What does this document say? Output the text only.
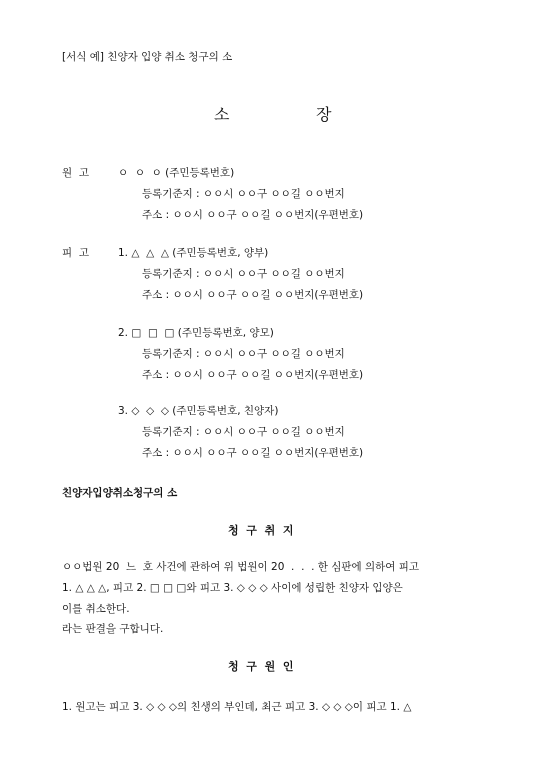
[서식 예] 친양자 입양 취소 청구의 소
소	장
원  고	ㅇ  ㅇ  ㅇ (주민등록번호)
등록기준지 : ㅇㅇ시 ㅇㅇ구 ㅇㅇ길 ㅇㅇ번지
주소 : ㅇㅇ시 ㅇㅇ구 ㅇㅇ길 ㅇㅇ번지(우편번호)
피  고	1. △  △  △ (주민등록번호, 양부)
등록기준지 : ㅇㅇ시 ㅇㅇ구 ㅇㅇ길 ㅇㅇ번지
주소 : ㅇㅇ시 ㅇㅇ구 ㅇㅇ길 ㅇㅇ번지(우편번호)
2. □  □  □ (주민등록번호, 양모)
등록기준지 : ㅇㅇ시 ㅇㅇ구 ㅇㅇ길 ㅇㅇ번지
주소 : ㅇㅇ시 ㅇㅇ구 ㅇㅇ길 ㅇㅇ번지(우편번호)
3. ◇  ◇  ◇ (주민등록번호, 친양자)
등록기준지 : ㅇㅇ시 ㅇㅇ구 ㅇㅇ길 ㅇㅇ번지
주소 : ㅇㅇ시 ㅇㅇ구 ㅇㅇ길 ㅇㅇ번지(우편번호)
친양자입양취소청구의 소
청  구  취  지
ㅇㅇ법원 20  느  호 사건에 관하여 위 법원이 20  .  .  . 한 심판에 의하여 피고
1. △ △ △, 피고 2. □ □ □와 피고 3. ◇ ◇ ◇ 사이에 성립한 친양자 입양은
이를 취소한다.
라는 판결을 구합니다.
청  구  원  인
1. 원고는 피고 3. ◇ ◇ ◇의 친생의 부인데, 최근 피고 3. ◇ ◇ ◇이 피고 1. △
